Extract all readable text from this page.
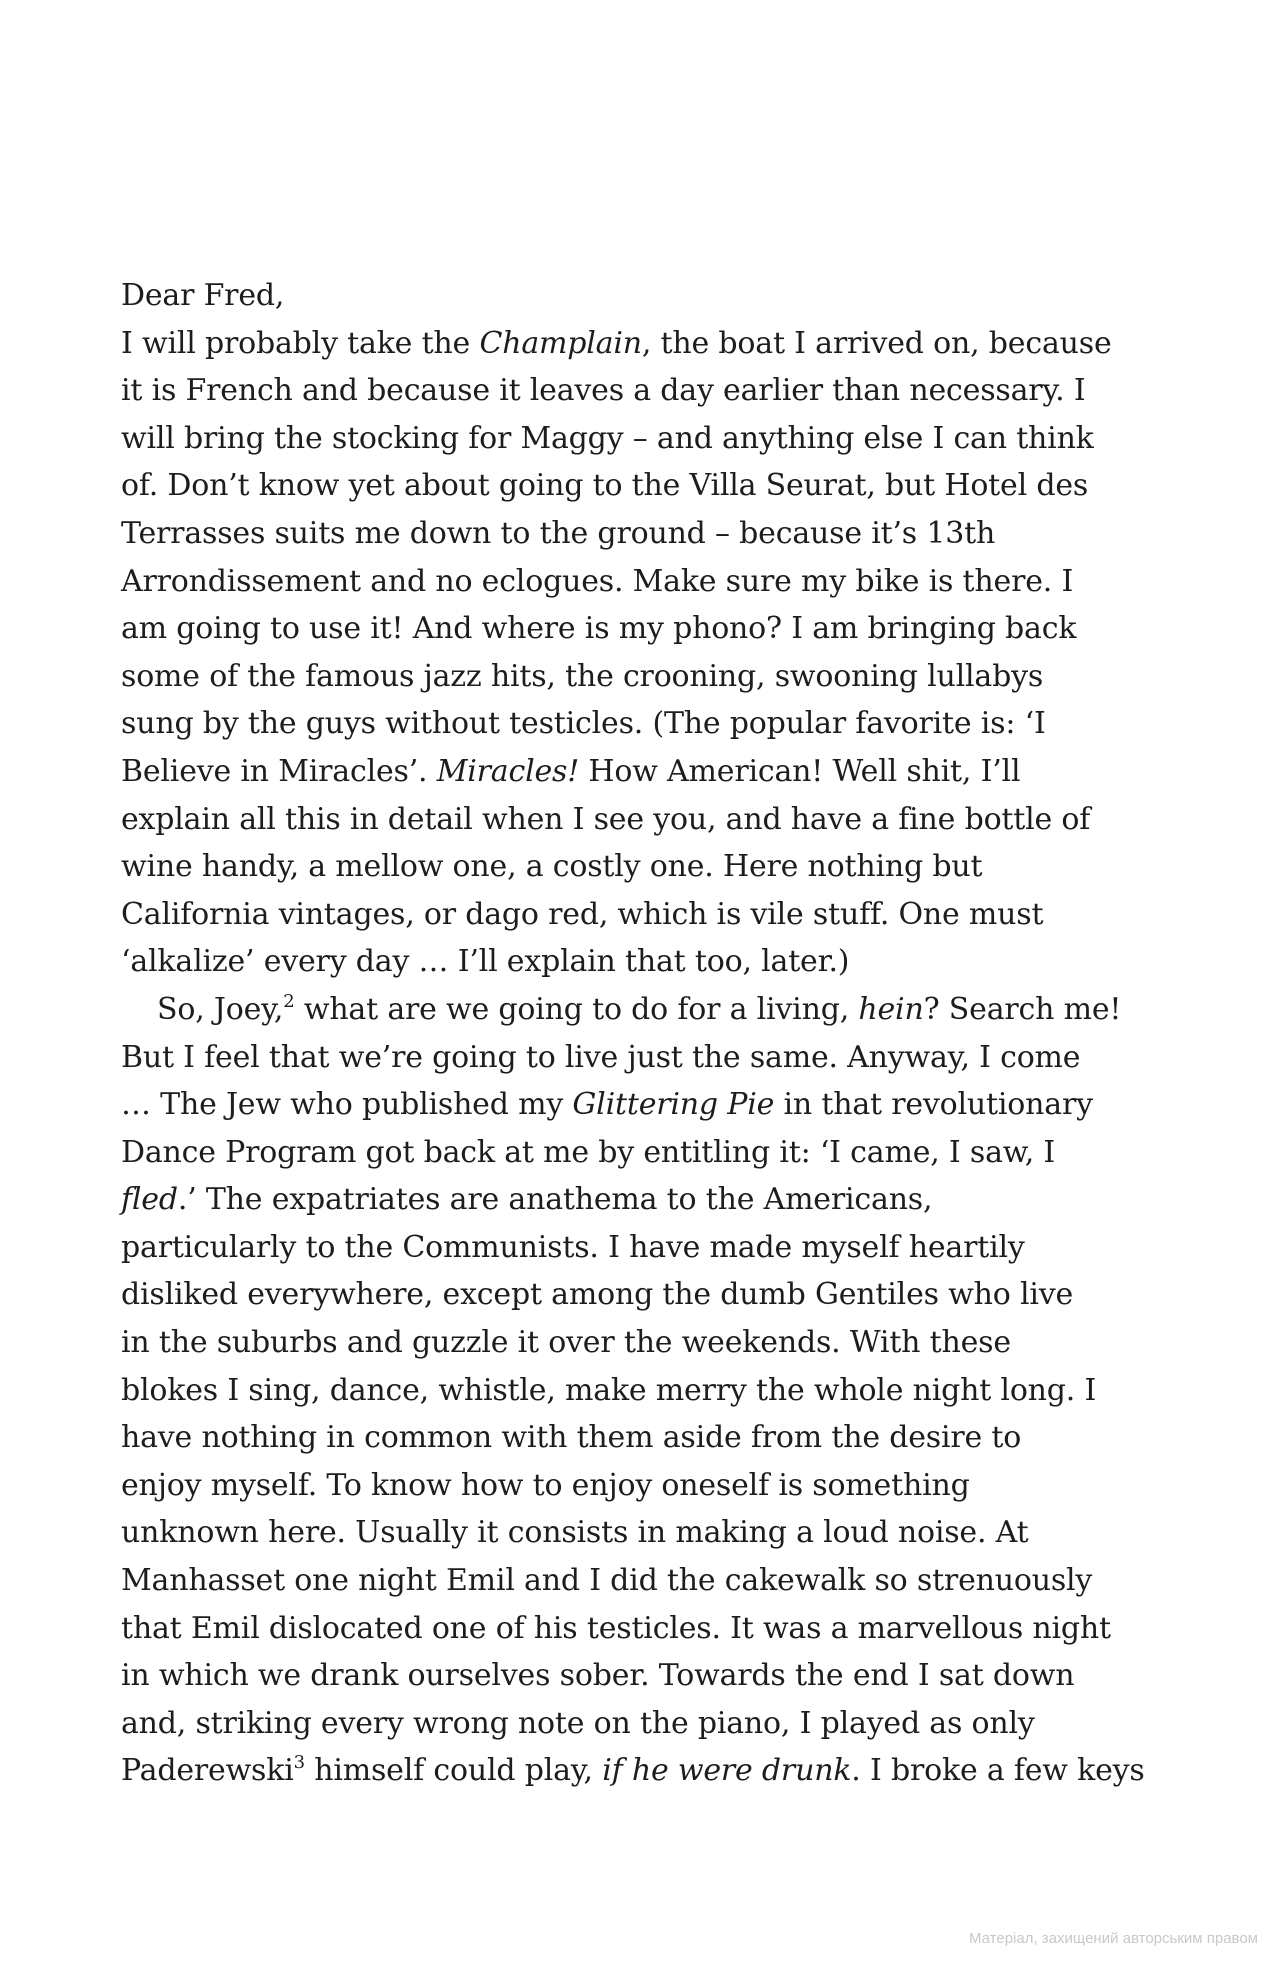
Dear Fred,
I will probably take the Champlain, the boat I arrived on, because
it is French and because it leaves a day earlier than necessary. I
will bring the stocking for Maggy – and anything else I can think
of. Don’t know yet about going to the Villa Seurat, but Hotel des
Terrasses suits me down to the ground – because it’s 13th
Arrondissement and no eclogues. Make sure my bike is there. I
am going to use it! And where is my phono? I am bringing back
some of the famous jazz hits, the crooning, swooning lullabys
sung by the guys without testicles. (The popular favorite is: ‘I
Believe in Miracles’. Miracles! How American! Well shit, I’ll
explain all this in detail when I see you, and have a fine bottle of
wine handy, a mellow one, a costly one. Here nothing but
California vintages, or dago red, which is vile stuff. One must
‘alkalize’ every day … I’ll explain that too, later.)
So, Joey,$^2$ what are we going to do for a living, hein? Search me!
But I feel that we’re going to live just the same. Anyway, I come
… The Jew who published my Glittering Pie in that revolutionary
Dance Program got back at me by entitling it: ‘I came, I saw, I
fled.’ The expatriates are anathema to the Americans,
particularly to the Communists. I have made myself heartily
disliked everywhere, except among the dumb Gentiles who live
in the suburbs and guzzle it over the weekends. With these
blokes I sing, dance, whistle, make merry the whole night long. I
have nothing in common with them aside from the desire to
enjoy myself. To know how to enjoy oneself is something
unknown here. Usually it consists in making a loud noise. At
Manhasset one night Emil and I did the cakewalk so strenuously
that Emil dislocated one of his testicles. It was a marvellous night
in which we drank ourselves sober. Towards the end I sat down
and, striking every wrong note on the piano, I played as only
Paderewski$^3$ himself could play, if he were drunk. I broke a few keys
Матеріал, захищений авторським правом
